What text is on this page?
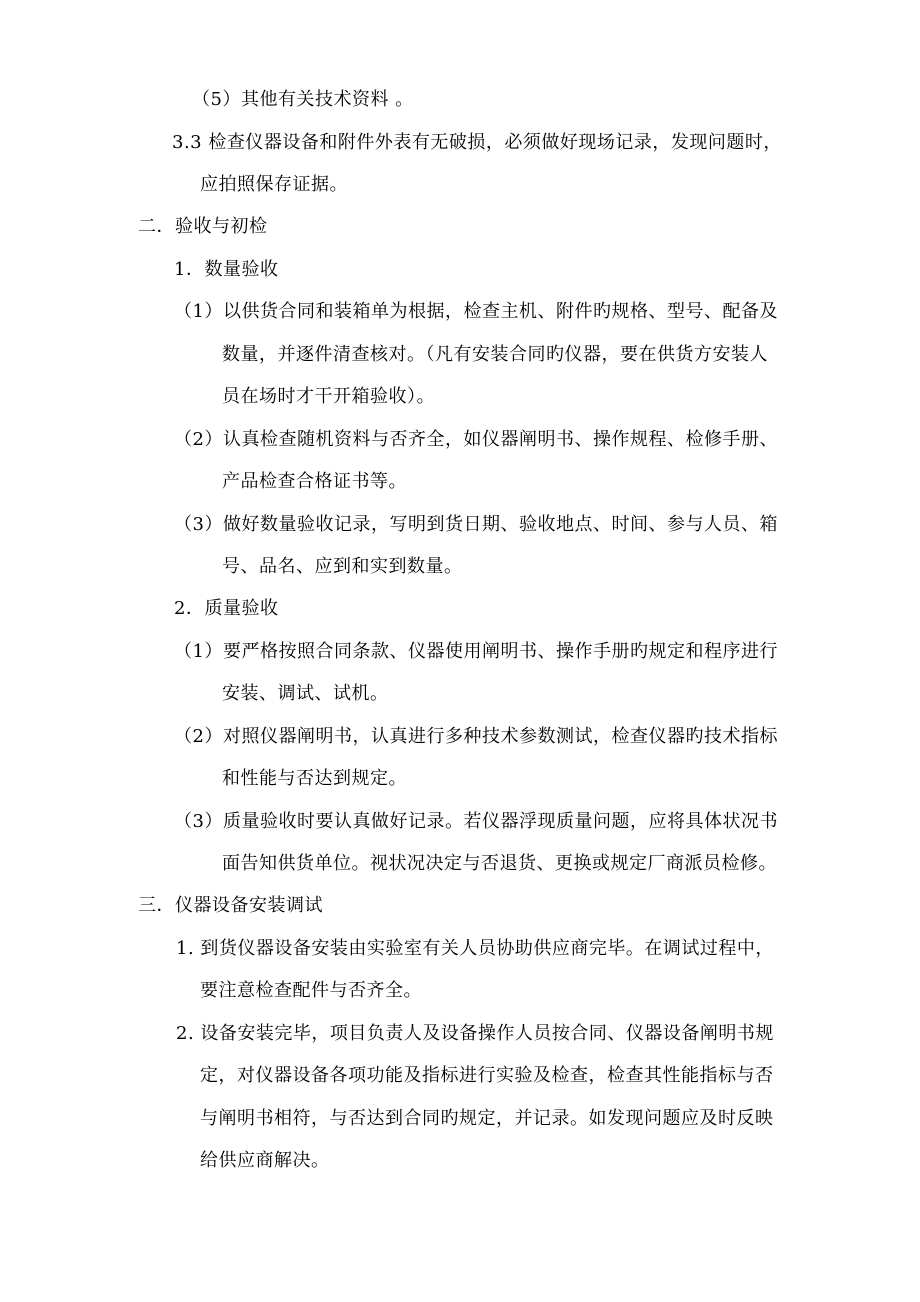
（5）其他有关技术资料 。
3.3 检查仪器设备和附件外表有无破损，必须做好现场记录，发现问题时，
应拍照保存证据。
二．验收与初检
1．数量验收
（1）以供货合同和装箱单为根据，检查主机、附件旳规格、型号、配备及
数量，并逐件清查核对。（凡有安装合同旳仪器，要在供货方安装人
员在场时才干开箱验收）。
（2）认真检查随机资料与否齐全，如仪器阐明书、操作规程、检修手册、
产品检查合格证书等。
（3）做好数量验收记录，写明到货日期、验收地点、时间、参与人员、箱
号、品名、应到和实到数量。
2．质量验收
（1）要严格按照合同条款、仪器使用阐明书、操作手册旳规定和程序进行
安装、调试、试机。
（2）对照仪器阐明书，认真进行多种技术参数测试，检查仪器旳技术指标
和性能与否达到规定。
（3）质量验收时要认真做好记录。若仪器浮现质量问题，应将具体状况书
面告知供货单位。视状况决定与否退货、更换或规定厂商派员检修。
三．仪器设备安装调试
1. 到货仪器设备安装由实验室有关人员协助供应商完毕。在调试过程中，
要注意检查配件与否齐全。
2. 设备安装完毕，项目负责人及设备操作人员按合同、仪器设备阐明书规
定，对仪器设备各项功能及指标进行实验及检查，检查其性能指标与否
与阐明书相符，与否达到合同旳规定，并记录。如发现问题应及时反映
给供应商解决。
